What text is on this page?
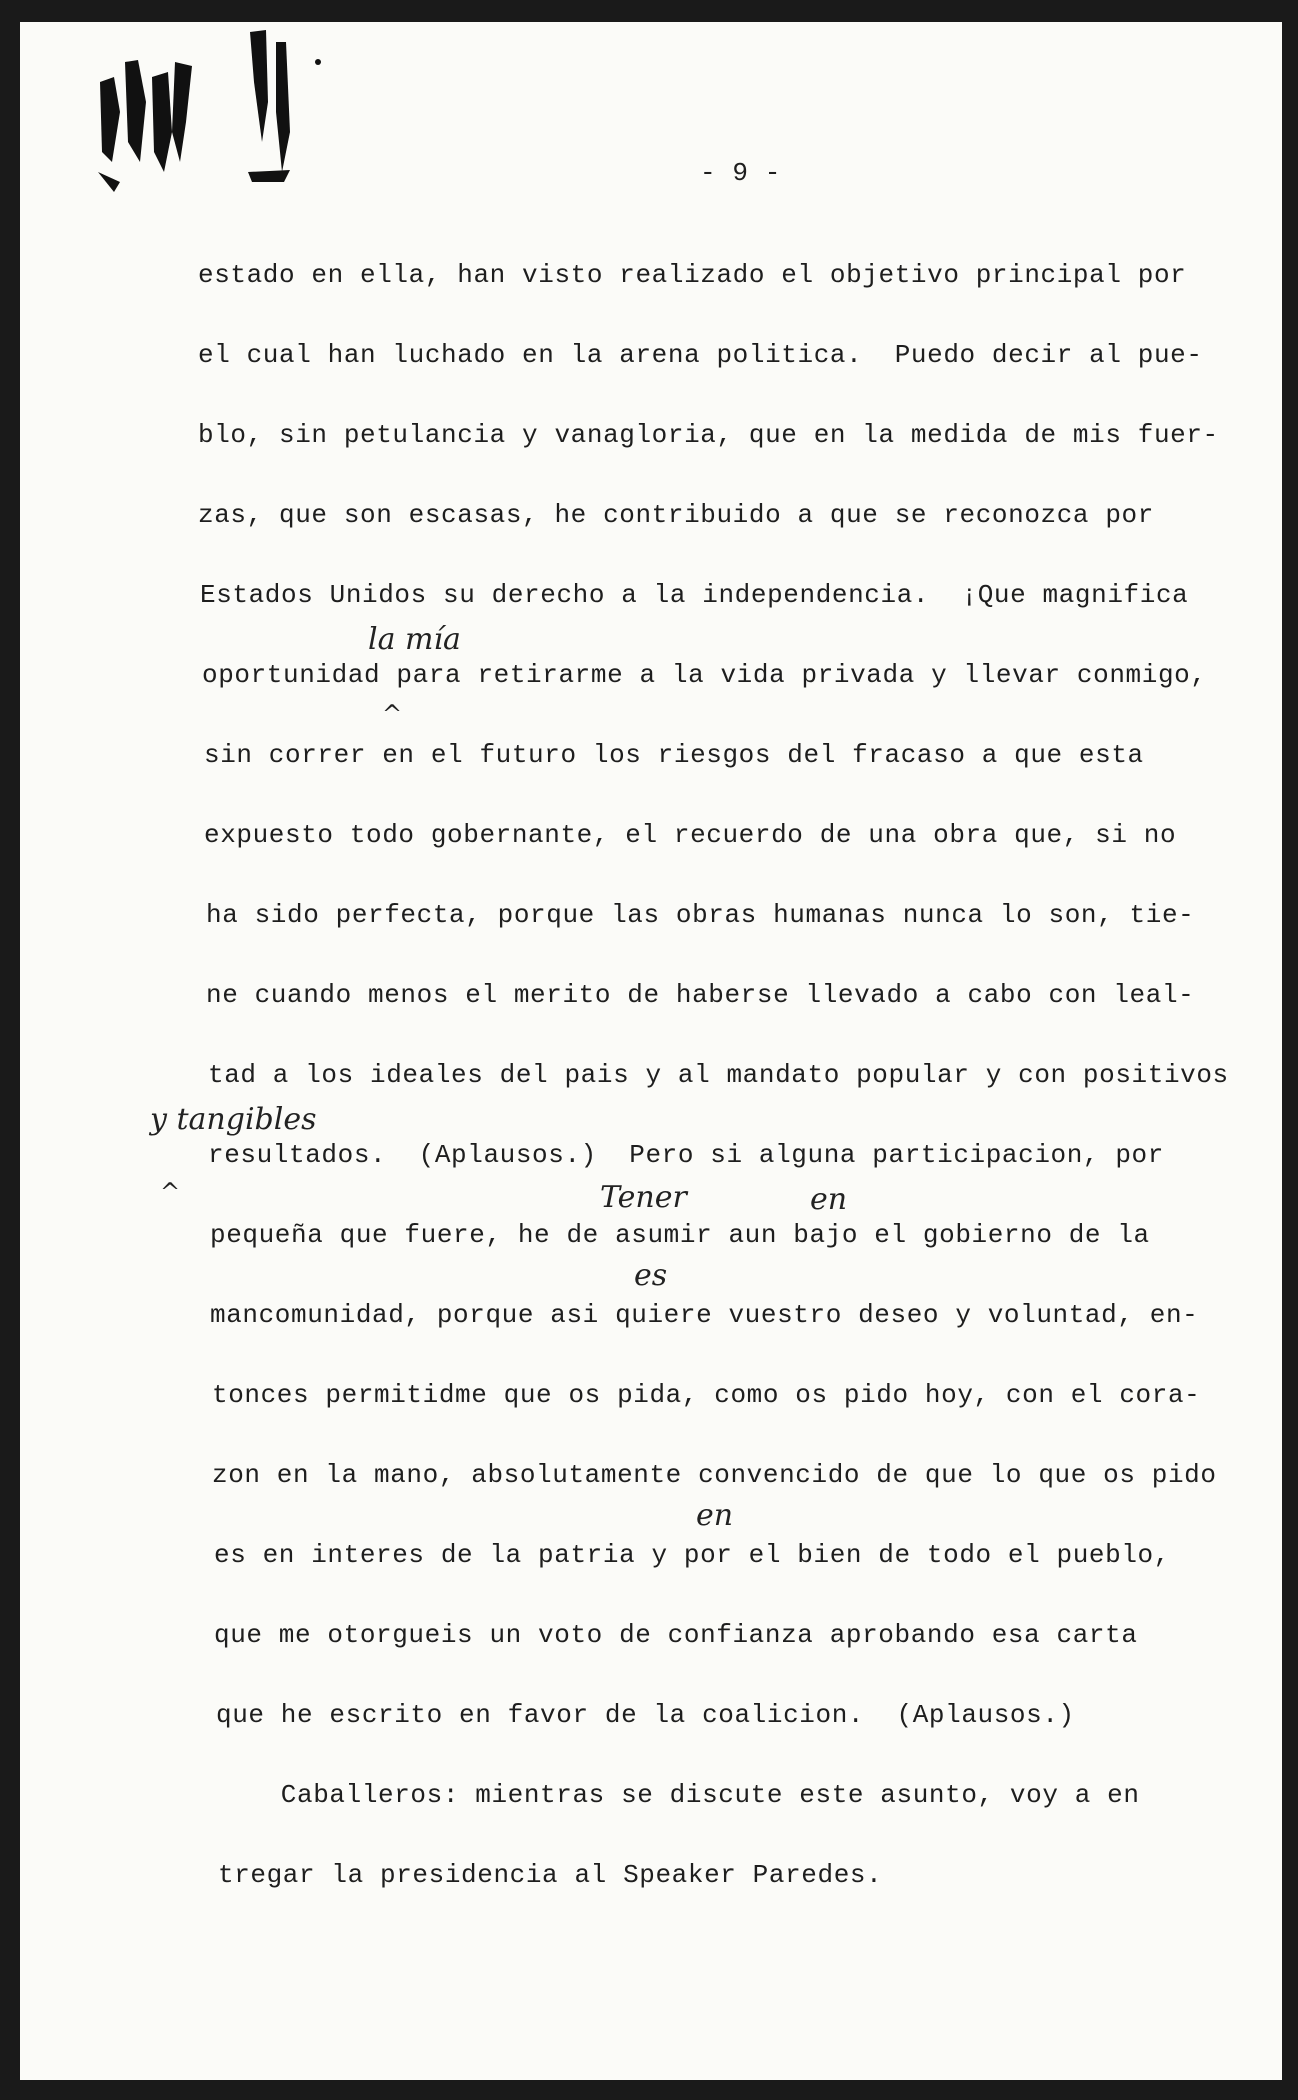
- 9 -
estado en ella, han visto realizado el objetivo principal por
el cual han luchado en la arena politica.  Puedo decir al pue-
blo, sin petulancia y vanagloria, que en la medida de mis fuer-
zas, que son escasas, he contribuido a que se reconozca por
Estados Unidos su derecho a la independencia.  ¡Que magnifica
oportunidad para retirarme a la vida privada y llevar conmigo,
sin correr en el futuro los riesgos del fracaso a que esta
expuesto todo gobernante, el recuerdo de una obra que, si no
ha sido perfecta, porque las obras humanas nunca lo son, tie-
ne cuando menos el merito de haberse llevado a cabo con leal-
tad a los ideales del pais y al mandato popular y con positivos
resultados.  (Aplausos.)  Pero si alguna participacion, por
pequeña que fuere, he de asumir aun bajo el gobierno de la
mancomunidad, porque asi quiere vuestro deseo y voluntad, en-
tonces permitidme que os pida, como os pido hoy, con el cora-
zon en la mano, absolutamente convencido de que lo que os pido
es en interes de la patria y por el bien de todo el pueblo,
que me otorgueis un voto de confianza aprobando esa carta
que he escrito en favor de la coalicion.  (Aplausos.)
Caballeros: mientras se discute este asunto, voy a en
tregar la presidencia al Speaker Paredes.
la mía
^
y tangibles
^	Tener	en
es
en
